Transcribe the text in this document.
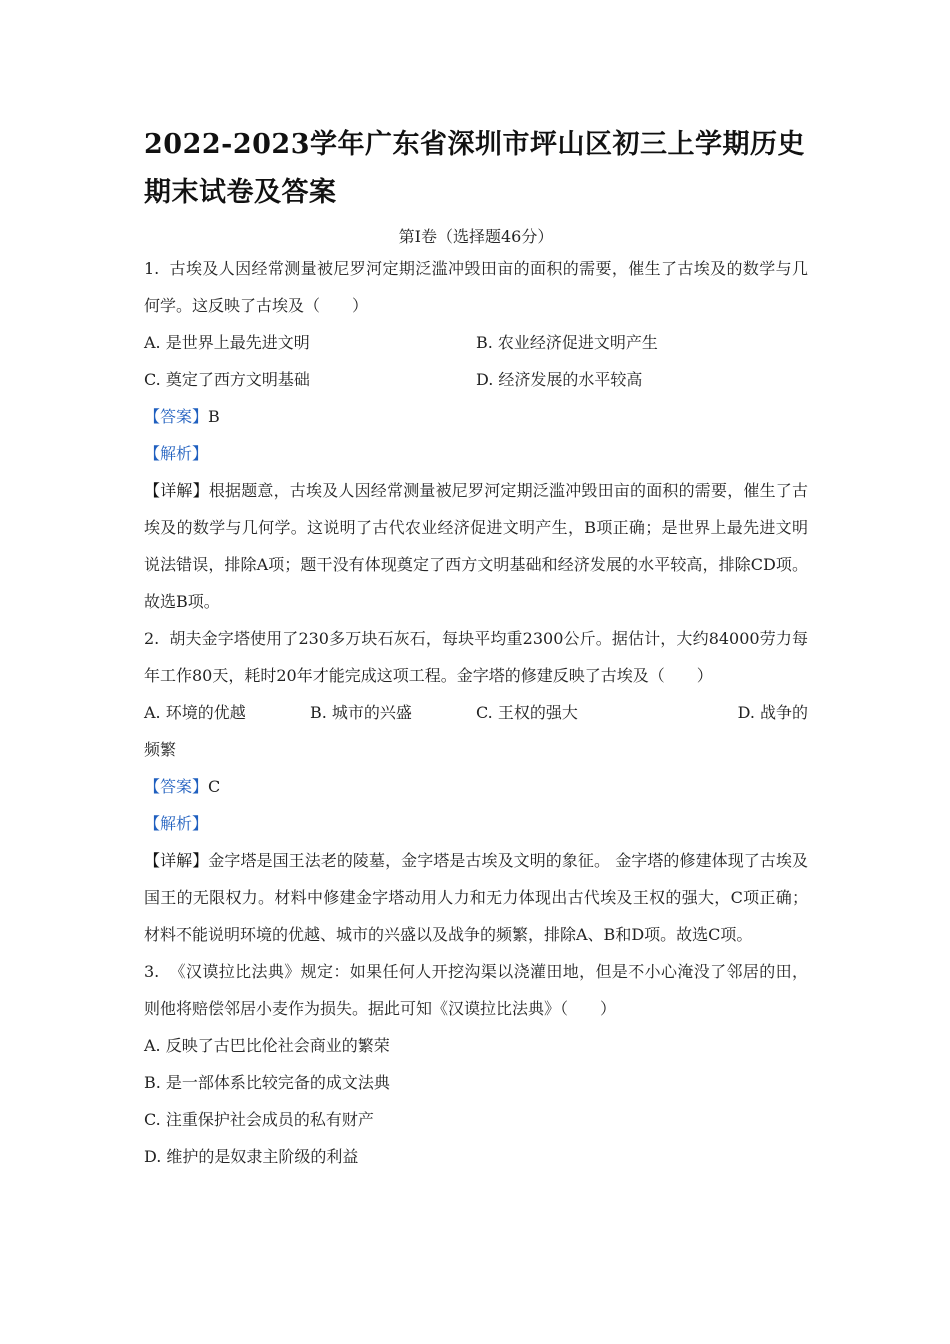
2022-2023学年广东省深圳市坪山区初三上学期历史期末试卷及答案
第Ⅰ卷（选择题46分）

1. 古埃及人因经常测量被尼罗河定期泛滥冲毁田亩的面积的需要，催生了古埃及的数学与几何学。这反映了古埃及（　　）

A. 是世界上最先进文明	B. 农业经济促进文明产生
C. 奠定了西方文明基础	D. 经济发展的水平较高

【答案】B

【解析】

【详解】根据题意，古埃及人因经常测量被尼罗河定期泛滥冲毁田亩的面积的需要，催生了古埃及的数学与几何学。这说明了古代农业经济促进文明产生，B项正确；是世界上最先进文明说法错误，排除A项；题干没有体现奠定了西方文明基础和经济发展的水平较高，排除CD项。故选B项。

2. 胡夫金字塔使用了230多万块石灰石，每块平均重2300公斤。据估计，大约84000劳力每年工作80天，耗时20年才能完成这项工程。金字塔的修建反映了古埃及（　　）

A. 环境的优越	B. 城市的兴盛	C. 王权的强大	D. 战争的

频繁

【答案】C

【解析】

【详解】金字塔是国王法老的陵墓，金字塔是古埃及文明的象征。 金字塔的修建体现了古埃及国王的无限权力。材料中修建金字塔动用人力和无力体现出古代埃及王权的强大，C项正确；材料不能说明环境的优越、城市的兴盛以及战争的频繁，排除A、B和D项。故选C项。

3. 《汉谟拉比法典》规定：如果任何人开挖沟渠以浇灌田地，但是不小心淹没了邻居的田，则他将赔偿邻居小麦作为损失。据此可知《汉谟拉比法典》（　　）

A. 反映了古巴比伦社会商业的繁荣

B. 是一部体系比较完备的成文法典

C. 注重保护社会成员的私有财产

D. 维护的是奴隶主阶级的利益
